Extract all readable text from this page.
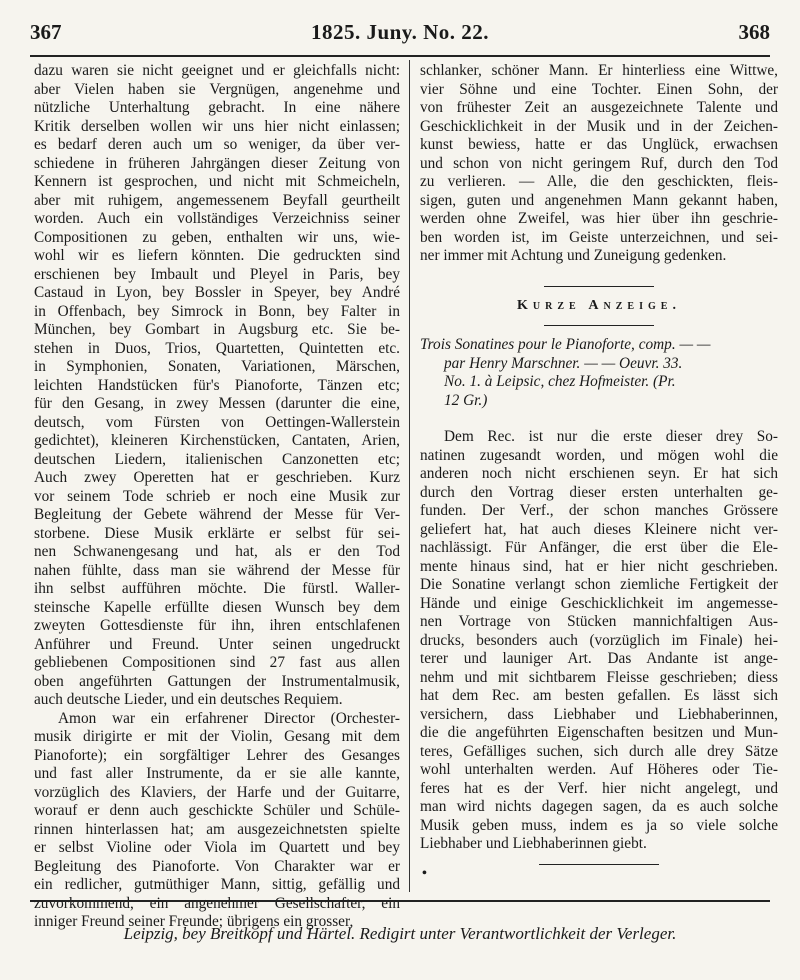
367	1825. Juny. No. 22.	368
dazu waren sie nicht geeignet und er gleichfalls nicht:
aber Vielen haben sie Vergnügen, angenehme und
nützliche Unterhaltung gebracht. In eine nähere
Kritik derselben wollen wir uns hier nicht einlassen;
es bedarf deren auch um so weniger, da über ver-
schiedene in früheren Jahrgängen dieser Zeitung von
Kennern ist gesprochen, und nicht mit Schmeicheln,
aber mit ruhigem, angemessenem Beyfall geurtheilt
worden. Auch ein vollständiges Verzeichniss seiner
Compositionen zu geben, enthalten wir uns, wie-
wohl wir es liefern könnten. Die gedruckten sind
erschienen bey Imbault und Pleyel in Paris, bey
Castaud in Lyon, bey Bossler in Speyer, bey André
in Offenbach, bey Simrock in Bonn, bey Falter in
München, bey Gombart in Augsburg etc. Sie be-
stehen in Duos, Trios, Quartetten, Quintetten etc.
in Symphonien, Sonaten, Variationen, Märschen,
leichten Handstücken für's Pianoforte, Tänzen etc;
für den Gesang, in zwey Messen (darunter die eine,
deutsch, vom Fürsten von Oettingen-Wallerstein
gedichtet), kleineren Kirchenstücken, Cantaten, Arien,
deutschen Liedern, italienischen Canzonetten etc;
Auch zwey Operetten hat er geschrieben. Kurz
vor seinem Tode schrieb er noch eine Musik zur
Begleitung der Gebete während der Messe für Ver-
storbene. Diese Musik erklärte er selbst für sei-
nen Schwanengesang und hat, als er den Tod
nahen fühlte, dass man sie während der Messe für
ihn selbst aufführen möchte. Die fürstl. Waller-
steinsche Kapelle erfüllte diesen Wunsch bey dem
zweyten Gottesdienste für ihn, ihren entschlafenen
Anführer und Freund. Unter seinen ungedruckt
gebliebenen Compositionen sind 27 fast aus allen
oben angeführten Gattungen der Instrumentalmusik,
auch deutsche Lieder, und ein deutsches Requiem.
Amon war ein erfahrener Director (Orchester-
musik dirigirte er mit der Violin, Gesang mit dem
Pianoforte); ein sorgfältiger Lehrer des Gesanges
und fast aller Instrumente, da er sie alle kannte,
vorzüglich des Klaviers, der Harfe und der Guitarre,
worauf er denn auch geschickte Schüler und Schüle-
rinnen hinterlassen hat; am ausgezeichnetsten spielte
er selbst Violine oder Viola im Quartett und bey
Begleitung des Pianoforte. Von Charakter war er
ein redlicher, gutmüthiger Mann, sittig, gefällig und
zuvorkommend, ein angenehmer Gesellschafter, ein
inniger Freund seiner Freunde; übrigens ein grosser,
schlanker, schöner Mann. Er hinterliess eine Wittwe,
vier Söhne und eine Tochter. Einen Sohn, der
von frühester Zeit an ausgezeichnete Talente und
Geschicklichkeit in der Musik und in der Zeichen-
kunst bewiess, hatte er das Unglück, erwachsen
und schon von nicht geringem Ruf, durch den Tod
zu verlieren. — Alle, die den geschickten, fleis-
sigen, guten und angenehmen Mann gekannt haben,
werden ohne Zweifel, was hier über ihn geschrie-
ben worden ist, im Geiste unterzeichnen, und sei-
ner immer mit Achtung und Zuneigung gedenken.
Kurze Anzeige.
Trois Sonatines pour le Pianoforte, comp. — —
par Henry Marschner. — — Oeuvr. 33.
No. 1. à Leipsic, chez Hofmeister. (Pr.
12 Gr.)
Dem Rec. ist nur die erste dieser drey So-
natinen zugesandt worden, und mögen wohl die
anderen noch nicht erschienen seyn. Er hat sich
durch den Vortrag dieser ersten unterhalten ge-
funden. Der Verf., der schon manches Grössere
geliefert hat, hat auch dieses Kleinere nicht ver-
nachlässigt. Für Anfänger, die erst über die Ele-
mente hinaus sind, hat er hier nicht geschrieben.
Die Sonatine verlangt schon ziemliche Fertigkeit der
Hände und einige Geschicklichkeit im angemesse-
nen Vortrage von Stücken mannichfaltigen Aus-
drucks, besonders auch (vorzüglich im Finale) hei-
terer und launiger Art. Das Andante ist ange-
nehm und mit sichtbarem Fleisse geschrieben; diess
hat dem Rec. am besten gefallen. Es lässt sich
versichern, dass Liebhaber und Liebhaberinnen,
die die angeführten Eigenschaften besitzen und Mun-
teres, Gefälliges suchen, sich durch alle drey Sätze
wohl unterhalten werden. Auf Höheres oder Tie-
feres hat es der Verf. hier nicht angelegt, und
man wird nichts dagegen sagen, da es auch solche
Musik geben muss, indem es ja so viele solche
Liebhaber und Liebhaberinnen giebt.
•
Leipzig, bey Breitkopf und Härtel. Redigirt unter Verantwortlichkeit der Verleger.
